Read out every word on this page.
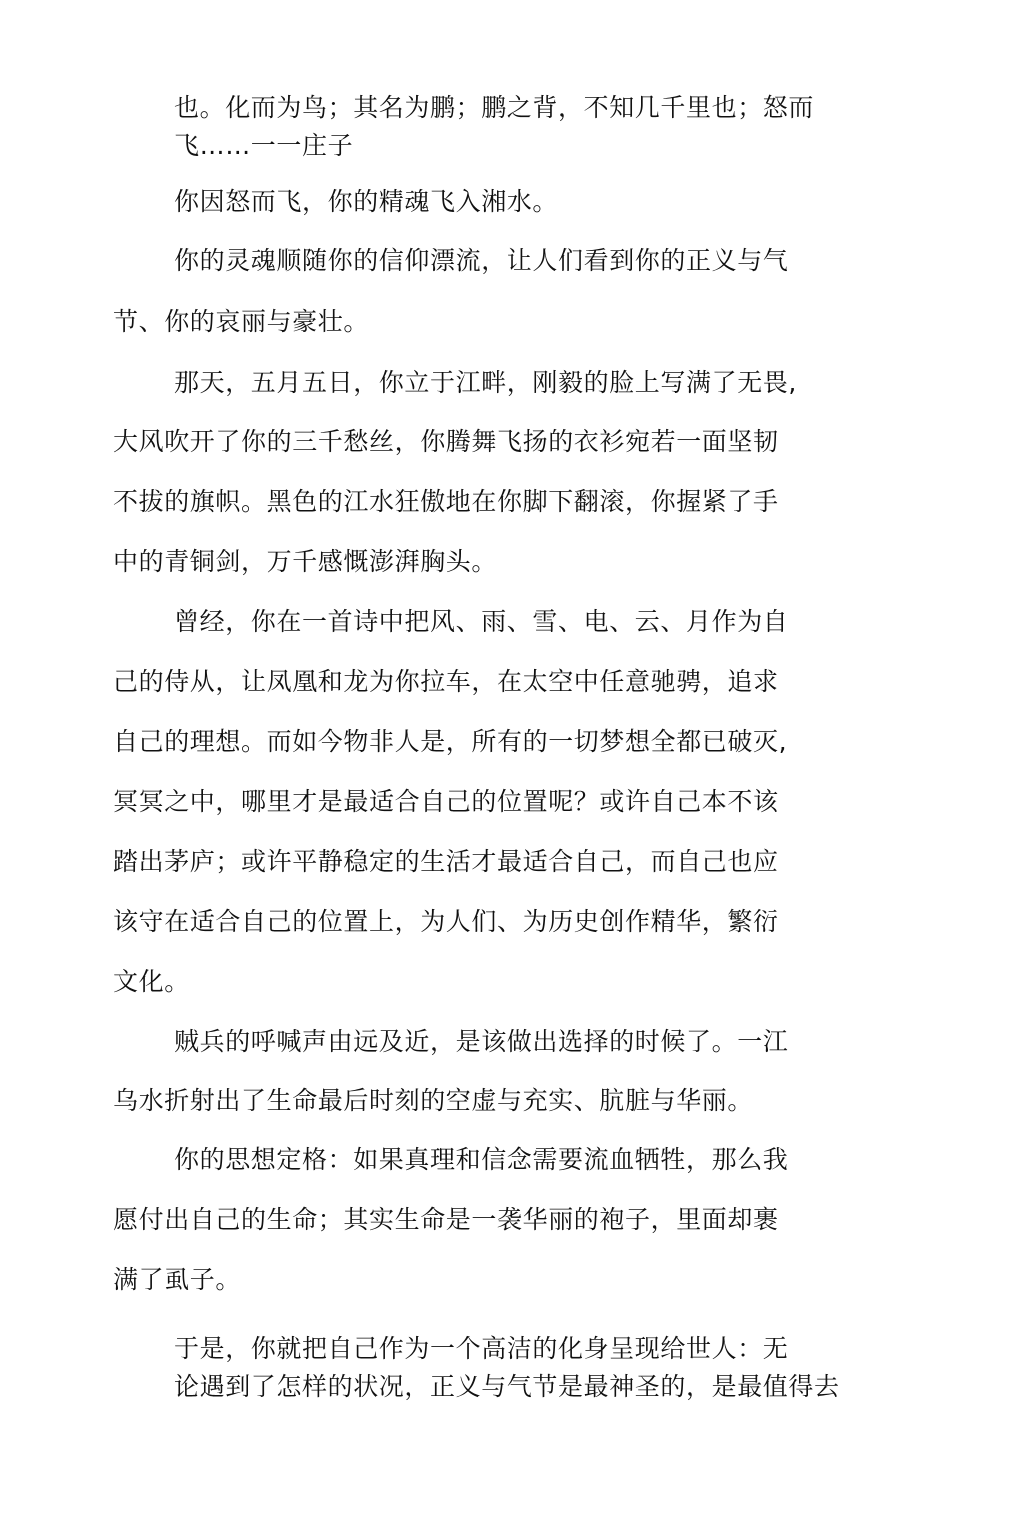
也。化而为鸟；其名为鹏；鹏之背，不知几千里也；怒而
飞……一一庄子
你因怒而飞，你的精魂飞入湘水。
你的灵魂顺随你的信仰漂流，让人们看到你的正义与气
节、你的哀丽与豪壮。
那天，五月五日，你立于江畔，刚毅的脸上写满了无畏,
大风吹开了你的三千愁丝，你腾舞飞扬的衣衫宛若一面坚韧
不拔的旗帜。黑色的江水狂傲地在你脚下翻滚，你握紧了手
中的青铜剑，万千感慨澎湃胸头。
曾经，你在一首诗中把风、雨、雪、电、云、月作为自
己的侍从，让凤凰和龙为你拉车，在太空中任意驰骋，追求
自己的理想。而如今物非人是，所有的一切梦想全都已破灭,
冥冥之中，哪里才是最适合自己的位置呢？或许自己本不该
踏出茅庐；或许平静稳定的生活才最适合自己，而自己也应
该守在适合自己的位置上，为人们、为历史创作精华，繁衍
文化。
贼兵的呼喊声由远及近，是该做出选择的时候了。一江
乌水折射出了生命最后时刻的空虚与充实、肮脏与华丽。
你的思想定格：如果真理和信念需要流血牺牲，那么我
愿付出自己的生命；其实生命是一袭华丽的袍子，里面却裹
满了虱子。
于是，你就把自己作为一个高洁的化身呈现给世人：无
论遇到了怎样的状况，正义与气节是最神圣的，是最值得去
